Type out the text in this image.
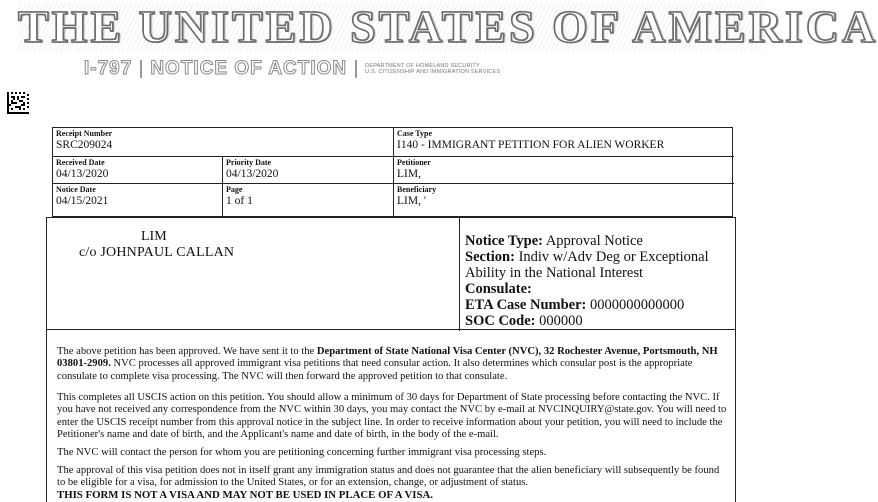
THE UNITED STATES OF AMERICA
I-797 NOTICE OF ACTION	DEPARTMENT OF HOMELAND SECURITY
U.S. CITIZENSHIP AND IMMIGRATION SERVICES
Receipt Number
SRC209024
Case Type
I140 - IMMIGRANT PETITION FOR ALIEN WORKER
Received Date
04/13/2020
Priority Date
04/13/2020
Petitioner
LIM,
Notice Date
04/15/2021
Page
1 of 1
Beneficiary
LIM, '
LIM
c/o JOHNPAUL CALLAN
Notice Type: Approval Notice
Section: Indiv w/Adv Deg or Exceptional
Ability in the National Interest
Consulate:
ETA Case Number: 0000000000000
SOC Code: 000000

The above petition has been approved. We have sent it to the Department of State National Visa Center (NVC), 32 Rochester Avenue, Portsmouth, NH 03801-2909. NVC processes all approved immigrant visa petitions that need consular action. It also determines which consular post is the appropriate consulate to complete visa processing. The NVC will then forward the approved petition to that consulate.

This completes all USCIS action on this petition. You should allow a minimum of 30 days for Department of State processing before contacting the NVC. If you have not received any correspondence from the NVC within 30 days, you may contact the NVC by e-mail at NVCINQUIRY@state.gov. You will need to enter the USCIS receipt number from this approval notice in the subject line. In order to receive information about your petition, you will need to include the Petitioner's name and date of birth, and the Applicant's name and date of birth, in the body of the e-mail.

The NVC will contact the person for whom you are petitioning concerning further immigrant visa processing steps.

The approval of this visa petition does not in itself grant any immigration status and does not guarantee that the alien beneficiary will subsequently be found to be eligible for a visa, for admission to the United States, or for an extension, change, or adjustment of status.

THIS FORM IS NOT A VISA AND MAY NOT BE USED IN PLACE OF A VISA.
